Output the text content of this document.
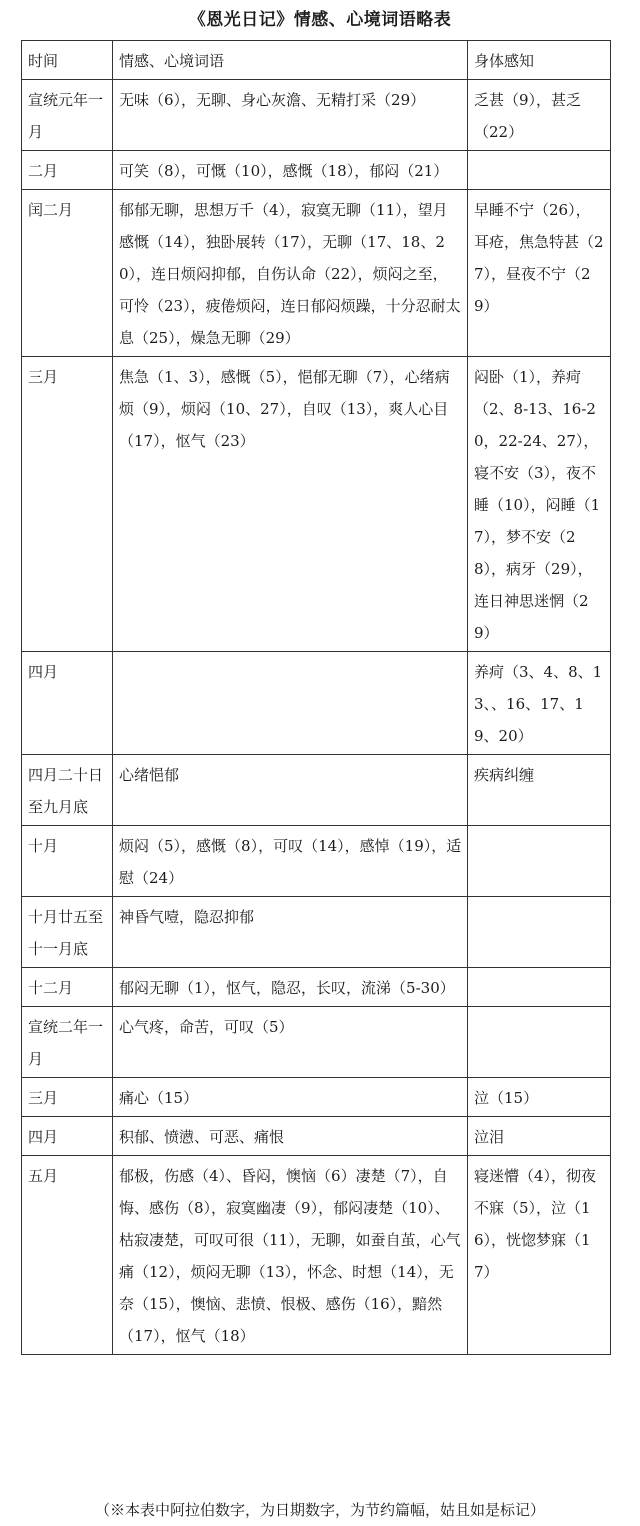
《恩光日记》情感、心境词语略表
时间	情感、心境词语	身体感知
宣统元年一月	无味（6），无聊、身心灰澹、无精打采（29）	乏甚（9），甚乏（22）
二月	可笑（8），可慨（10），感慨（18），郁闷（21）	
闰二月	郁郁无聊，思想万千（4），寂寞无聊（11），望月感慨（14），独卧展转（17），无聊（17、18、20），连日烦闷抑郁，自伤认命（22），烦闷之至，可怜（23），疲倦烦闷，连日郁闷烦躁，十分忍耐太息（25），燥急无聊（29）	早睡不宁（26），耳疮，焦急特甚（27），昼夜不宁（29）
三月	焦急（1、3），感慨（5），悒郁无聊（7），心绪病烦（9），烦闷（10、27），自叹（13），爽人心目（17），怄气（23）	闷卧（1），养疴（2、8-13、16-20，22-24、27），寝不安（3），夜不睡（10），闷睡（17），梦不安（28），病牙（29），连日神思迷惘（29）
四月		养疴（3、4、8、13、、16、17、19、20）
四月二十日至九月底	心绪悒郁	疾病纠缠
十月	烦闷（5），感慨（8），可叹（14），感悼（19），适慰（24）	
十月廿五至十一月底	神昏气噎，隐忍抑郁	
十二月	郁闷无聊（1），怄气，隐忍，长叹，流涕（5-30）	
宣统二年一月	心气疼，命苦，可叹（5）	
三月	痛心（15）	泣（15）
四月	积郁、愤懑、可恶、痛恨	泣泪
五月	郁极，伤感（4）、昏闷，懊恼（6）凄楚（7），自悔、感伤（8），寂寞幽凄（9），郁闷凄楚（10）、枯寂凄楚，可叹可很（11），无聊，如蚕自茧，心气痛（12），烦闷无聊（13），怀念、时想（14），无奈（15），懊恼、悲愤、恨极、感伤（16），黯然（17），怄气（18）	寝迷懵（4），彻夜不寐（5），泣（16），恍惚梦寐（17）
（※本表中阿拉伯数字，为日期数字，为节约篇幅，姑且如是标记）
